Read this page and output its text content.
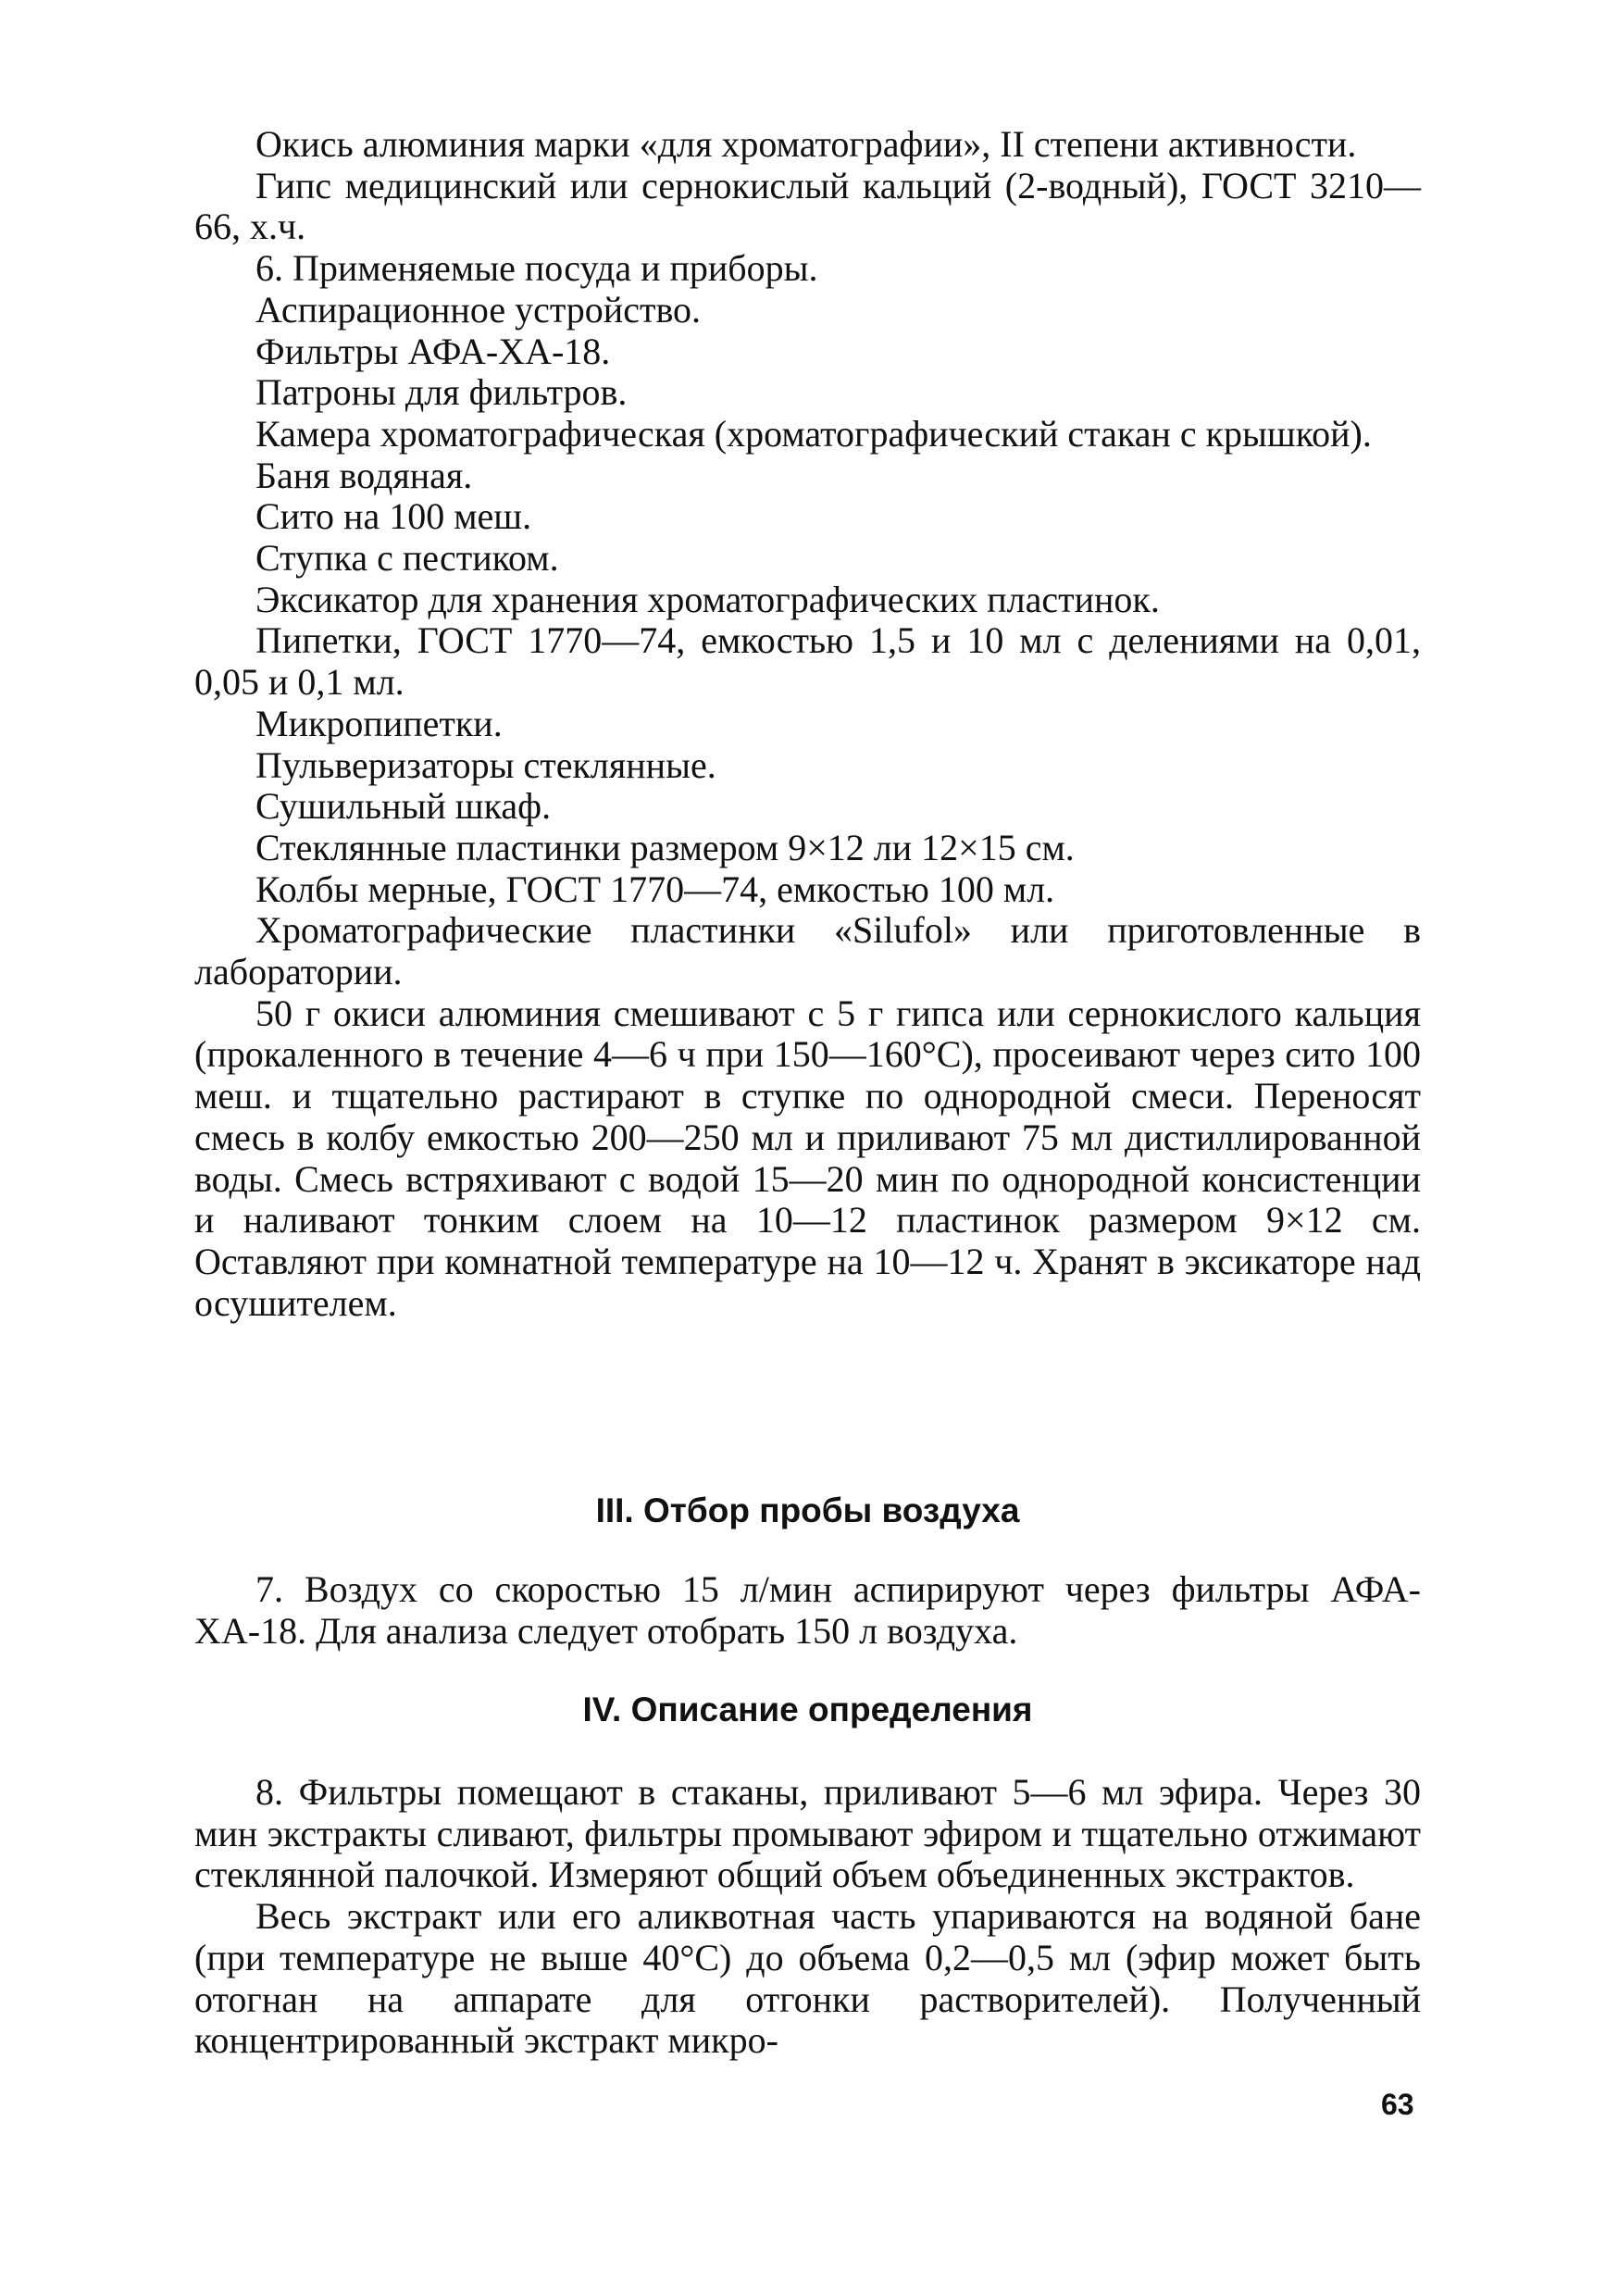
Окись алюминия марки «для хроматографии», II степени активности.

Гипс медицинский или сернокислый кальций (2-водный), ГОСТ 3210—66, х.ч.

6. Применяемые посуда и приборы.

Аспирационное устройство.

Фильтры АФА-ХА-18.

Патроны для фильтров.

Камера хроматографическая (хроматографический стакан с крышкой).

Баня водяная.

Сито на 100 меш.

Ступка с пестиком.

Эксикатор для хранения хроматографических пластинок.

Пипетки, ГОСТ 1770—74, емкостью 1,5 и 10 мл с делениями на 0,01, 0,05 и 0,1 мл.

Микропипетки.

Пульверизаторы стеклянные.

Сушильный шкаф.

Стеклянные пластинки размером 9×12 ли 12×15 см.

Колбы мерные, ГОСТ 1770—74, емкостью 100 мл.

Хроматографические пластинки «Silufol» или приготовленные в лаборатории.

50 г окиси алюминия смешивают с 5 г гипса или сернокислого кальция (прокаленного в течение 4—6 ч при 150—160°С), просеивают через сито 100 меш. и тщательно растирают в ступке по однородной смеси. Переносят смесь в колбу емкостью 200—250 мл и приливают 75 мл дистиллированной воды. Смесь встряхивают с водой 15—20 мин по однородной консистенции и наливают тонким слоем на 10—12 пластинок размером 9×12 см. Оставляют при комнатной температуре на 10—12 ч. Хранят в эксикаторе над осушителем.

III. Отбор пробы воздуха

7. Воздух со скоростью 15 л/мин аспирируют через фильтры АФА-ХА-18. Для анализа следует отобрать 150 л воздуха.

IV. Описание определения

8. Фильтры помещают в стаканы, приливают 5—6 мл эфира. Через 30 мин экстракты сливают, фильтры промывают эфиром и тщательно отжимают стеклянной палочкой. Измеряют общий объем объединенных экстрактов.

Весь экстракт или его аликвотная часть упариваются на водяной бане (при температуре не выше 40°С) до объема 0,2—0,5 мл (эфир может быть отогнан на аппарате для отгонки растворителей). Полученный концентрированный экстракт микро-

63
